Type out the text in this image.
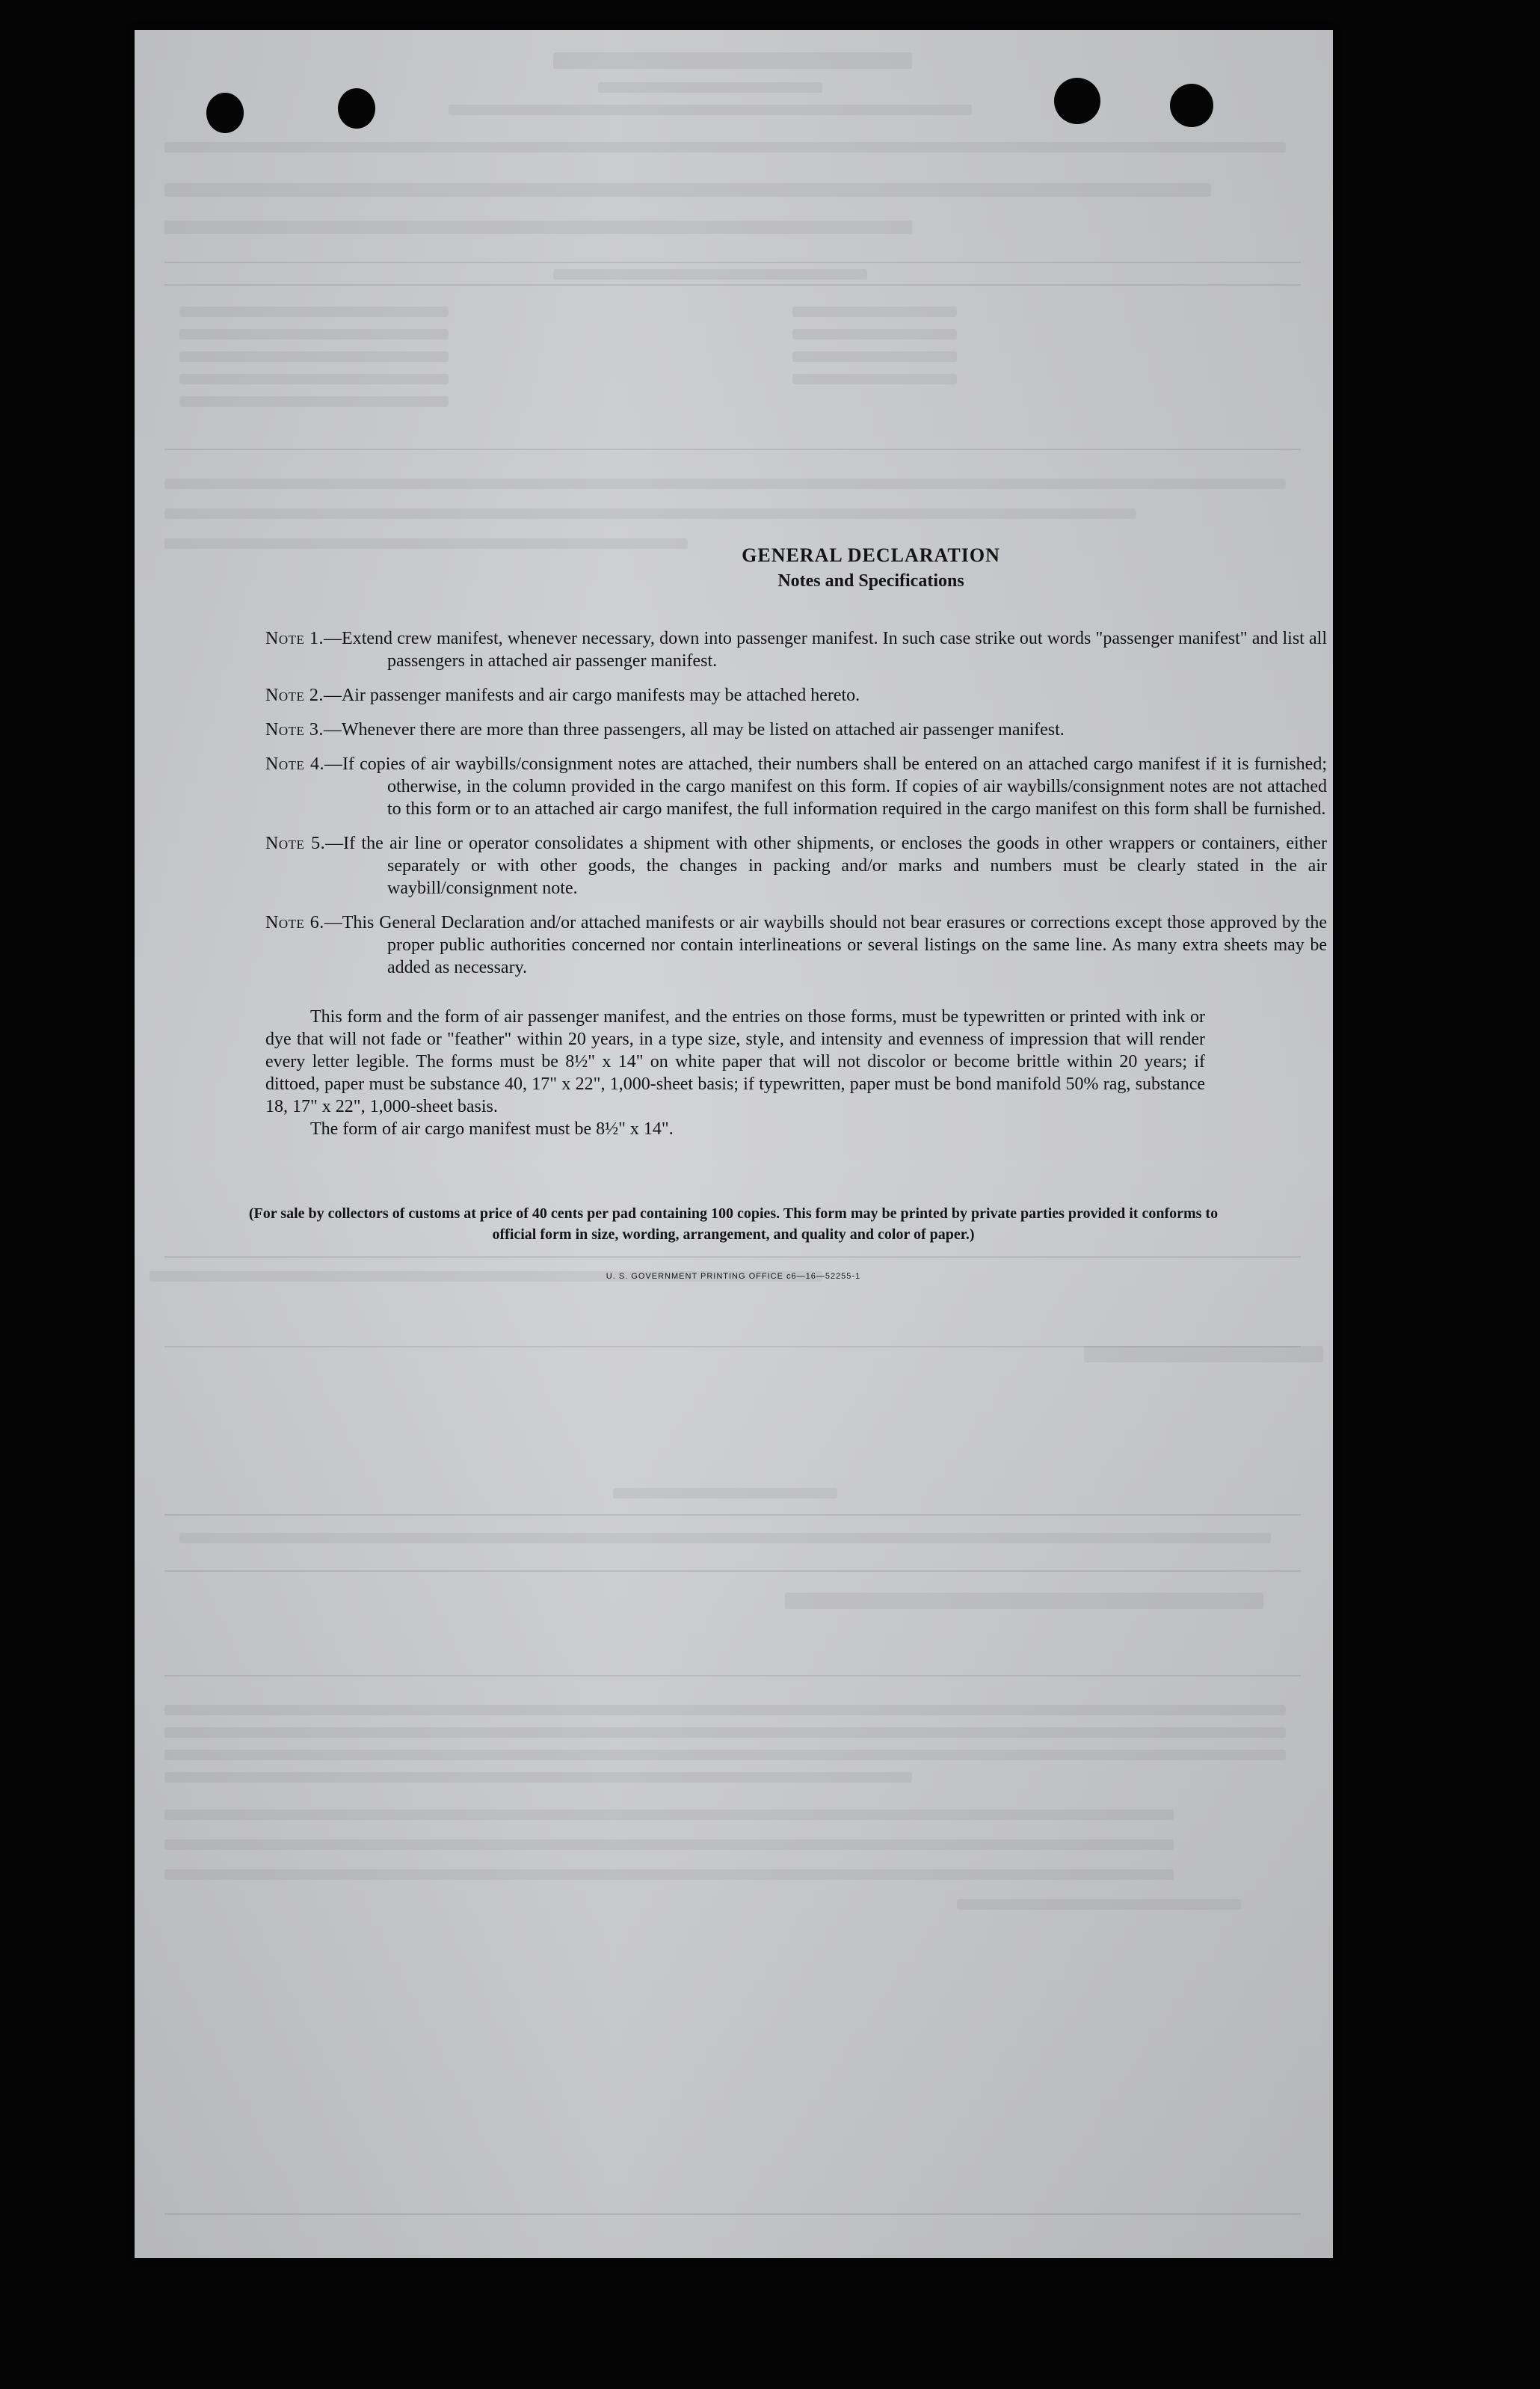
GENERAL DECLARATION
Notes and Specifications
Note 1.—Extend crew manifest, whenever necessary, down into passenger manifest. In such case strike out words "passenger manifest" and list all passengers in attached air passenger manifest.
Note 2.—Air passenger manifests and air cargo manifests may be attached hereto.
Note 3.—Whenever there are more than three passengers, all may be listed on attached air passenger manifest.
Note 4.—If copies of air waybills/consignment notes are attached, their numbers shall be entered on an attached cargo manifest if it is furnished; otherwise, in the column provided in the cargo manifest on this form. If copies of air waybills/consignment notes are not attached to this form or to an attached air cargo manifest, the full information required in the cargo manifest on this form shall be furnished.
Note 5.—If the air line or operator consolidates a shipment with other shipments, or encloses the goods in other wrappers or containers, either separately or with other goods, the changes in packing and/or marks and numbers must be clearly stated in the air waybill/consignment note.
Note 6.—This General Declaration and/or attached manifests or air waybills should not bear erasures or corrections except those approved by the proper public authorities concerned nor contain interlineations or several listings on the same line. As many extra sheets may be added as necessary.
This form and the form of air passenger manifest, and the entries on those forms, must be typewritten or printed with ink or dye that will not fade or "feather" within 20 years, in a type size, style, and intensity and evenness of impression that will render every letter legible. The forms must be 8½" x 14" on white paper that will not discolor or become brittle within 20 years; if dittoed, paper must be substance 40, 17" x 22", 1,000-sheet basis; if typewritten, paper must be bond manifold 50% rag, substance 18, 17" x 22", 1,000-sheet basis.
The form of air cargo manifest must be 8½" x 14".
(For sale by collectors of customs at price of 40 cents per pad containing 100 copies. This form may be printed by private parties provided it conforms to official form in size, wording, arrangement, and quality and color of paper.)
U. S. GOVERNMENT PRINTING OFFICE c6—16—52255-1
